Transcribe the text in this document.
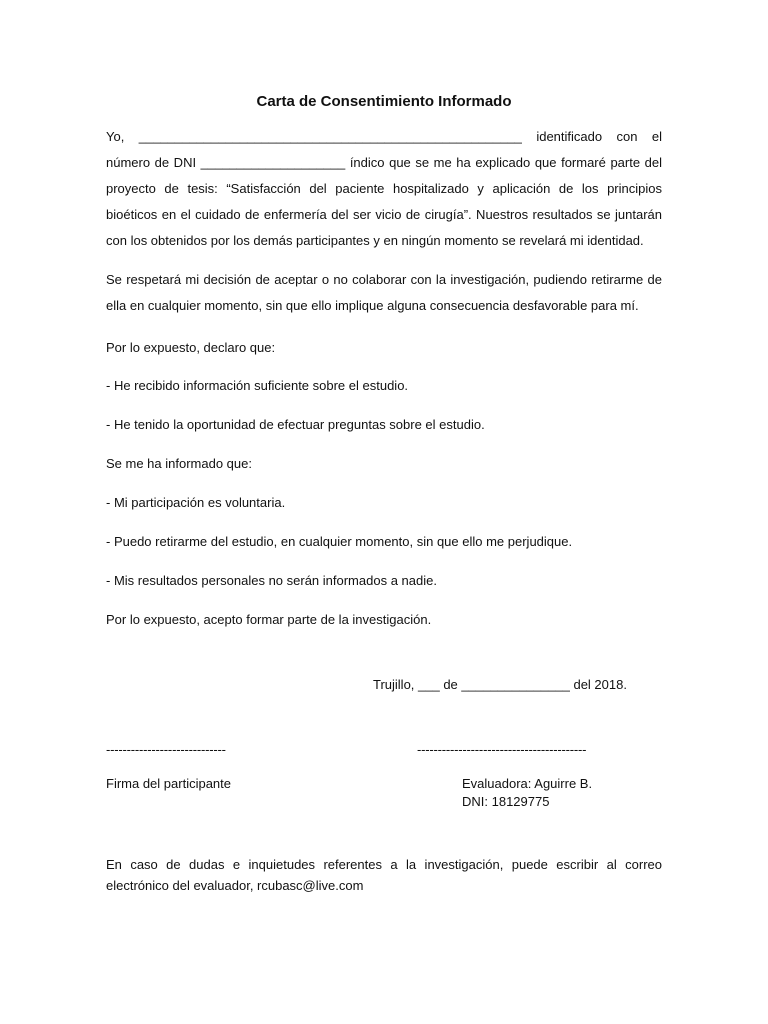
Carta de Consentimiento Informado

Yo, _____________________________________________________ identificado con el número de DNI ____________________ índico que se me ha explicado que formaré parte del proyecto de tesis: “Satisfacción del paciente hospitalizado y aplicación de los principios bioéticos en el cuidado de enfermería del ser vicio de cirugía”. Nuestros resultados se juntarán con los obtenidos por los demás participantes y en ningún momento se revelará mi identidad.

Se respetará mi decisión de aceptar o no colaborar con la investigación, pudiendo retirarme de ella en cualquier momento, sin que ello implique alguna consecuencia desfavorable para mí.

Por lo expuesto, declaro que:

- He recibido información suficiente sobre el estudio.

- He tenido la oportunidad de efectuar preguntas sobre el estudio.

Se me ha informado que:

- Mi participación es voluntaria.

- Puedo retirarme del estudio, en cualquier momento, sin que ello me perjudique.

- Mis resultados personales no serán informados a nadie.

Por lo expuesto, acepto formar parte de la investigación.

Trujillo, ___ de _______________ del 2018.
-----------------------------	-----------------------------------------
Firma del participante	Evaluadora: Aguirre B.
DNI: 18129775
En caso de dudas e inquietudes referentes a la investigación, puede escribir al correo electrónico del evaluador, rcubasc@live.com
